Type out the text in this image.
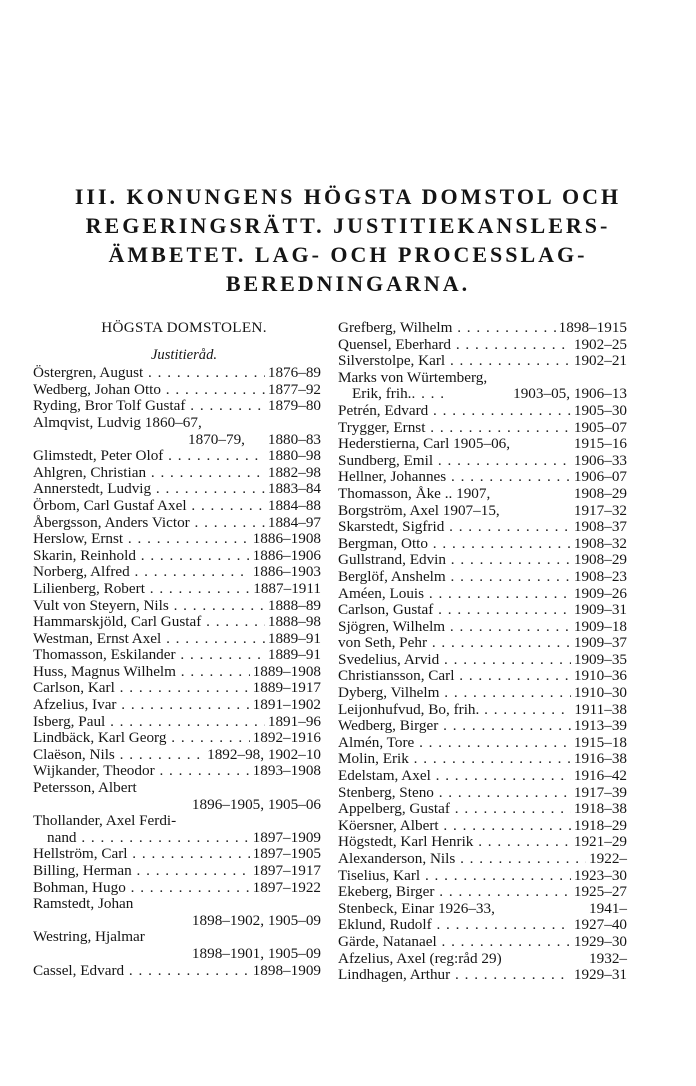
III. KONUNGENS HÖGSTA DOMSTOL OCH
REGERINGSRÄTT. JUSTITIEKANSLERS-
ÄMBETET. LAG- OCH PROCESSLAG-
BEREDNINGARNA.
HÖGSTA DOMSTOLEN.
Justitieråd.
Östergren, August . . .	1876–89
Wedberg, Johan Otto . . .	1877–92
Ryding, Bror Tolf Gustaf . . .	1879–80
Almqvist, Ludvig 1860–67,
1870–79, 1880–83
Glimstedt, Peter Olof . . .	1880–98
Ahlgren, Christian . . .	1882–98
Annerstedt, Ludvig . . .	1883–84
Örbom, Carl Gustaf Axel . . .	1884–88
Åbergsson, Anders Victor . . .	1884–97
Herslow, Ernst . . .	1886–1908
Skarin, Reinhold . . .	1886–1906
Norberg, Alfred . . .	1886–1903
Lilienberg, Robert . . .	1887–1911
Vult von Steyern, Nils . . .	1888–89
Hammarskjöld, Carl Gustaf . . .	1888–98
Westman, Ernst Axel . . .	1889–91
Thomasson, Eskilander . . .	1889–91
Huss, Magnus Wilhelm . . .	1889–1908
Carlson, Karl . . .	1889–1917
Afzelius, Ivar . . .	1891–1902
Isberg, Paul . . .	1891–96
Lindbäck, Karl Georg . . .	1892–1916
Claëson, Nils . . .	1892–98, 1902–10
Wijkander, Theodor . . .	1893–1908
Petersson, Albert
1896–1905, 1905–06
Thollander, Axel Ferdi-
nand . . .	1897–1909
Hellström, Carl . . .	1897–1905
Billing, Herman . . .	1897–1917
Bohman, Hugo . . .	1897–1922
Ramstedt, Johan
1898–1902, 1905–09
Westring, Hjalmar
1898–1901, 1905–09
Cassel, Edvard . . .	1898–1909
Grefberg, Wilhelm . . .	1898–1915
Quensel, Eberhard . . .	1902–25
Silverstolpe, Karl . . .	1902–21
Marks von Würtemberg,

Erik, frih. . . . .	1903–05, 1906–13
Petrén, Edvard . . .	1905–30
Trygger, Ernst . . .	1905–07
Hederstierna, Carl 1905–06,	1915–16
Sundberg, Emil . . .	1906–33
Hellner, Johannes . . .	1906–07
Thomasson, Åke .. 1907,	1908–29
Borgström, Axel 1907–15,	1917–32
Skarstedt, Sigfrid . . .	1908–37
Bergman, Otto . . .	1908–32
Gullstrand, Edvin . . .	1908–29
Berglöf, Anshelm . . .	1908–23
Améen, Louis . . .	1909–26
Carlson, Gustaf . . .	1909–31
Sjögren, Wilhelm . . .	1909–18
von Seth, Pehr . . .	1909–37
Svedelius, Arvid . . .	1909–35
Christiansson, Carl . . .	1910–36
Dyberg, Vilhelm . . .	1910–30
Leijonhufvud, Bo, frih. . . .	1911–38
Wedberg, Birger . . .	1913–39
Almén, Tore . . .	1915–18
Molin, Erik . . .	1916–38
Edelstam, Axel . . .	1916–42
Stenberg, Steno . . .	1917–39
Appelberg, Gustaf . . .	1918–38
Köersner, Albert . . .	1918–29
Högstedt, Karl Henrik . . .	1921–29
Alexanderson, Nils . . .	1922–
Tiselius, Karl . . .	1923–30
Ekeberg, Birger . . .	1925–27
Stenbeck, Einar 1926–33,	1941–
Eklund, Rudolf . . .	1927–40
Gärde, Natanael . . .	1929–30
Afzelius, Axel (reg:råd 29)	1932–
Lindhagen, Arthur . . .	1929–31
